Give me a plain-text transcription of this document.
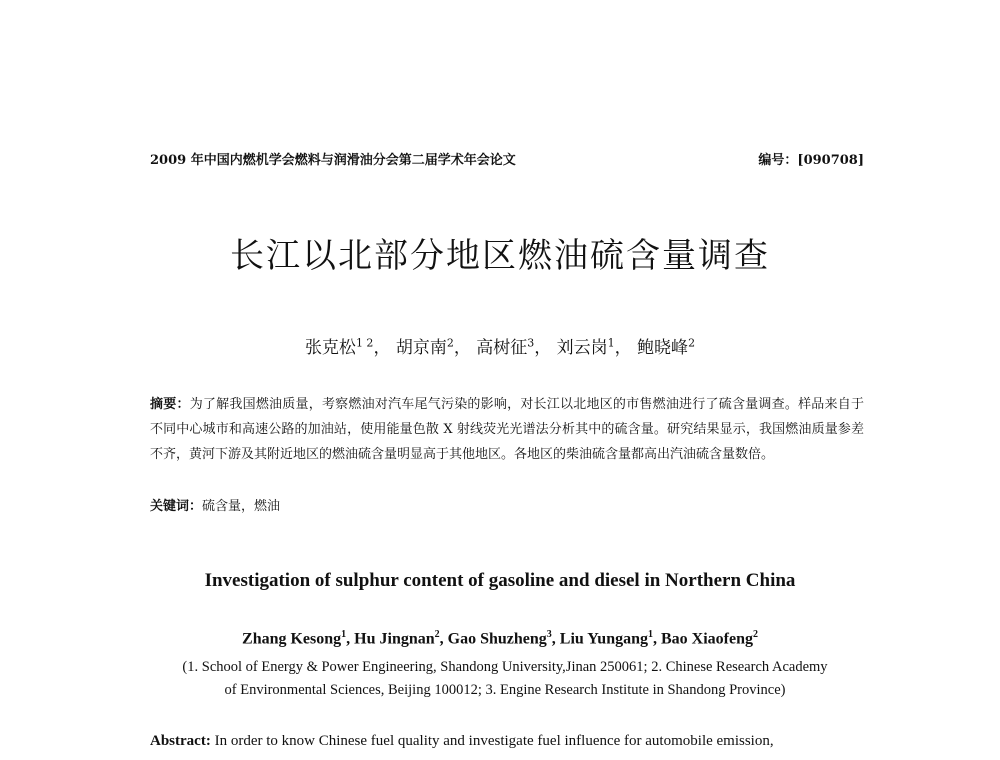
2009 年中国内燃机学会燃料与润滑油分会第二届学术年会论文	编号：[090708]
长江以北部分地区燃油硫含量调查
张克松$^{1 2}$， 胡京南$^2$， 高树征$^3$， 刘云岗$^1$， 鲍晓峰$^2$
摘要：为了解我国燃油质量，考察燃油对汽车尾气污染的影响，对长江以北地区的市售燃油进行了硫含量调查。样品来自于不同中心城市和高速公路的加油站，使用能量色散 X 射线荧光光谱法分析其中的硫含量。研究结果显示，我国燃油质量参差不齐，黄河下游及其附近地区的燃油硫含量明显高于其他地区。各地区的柴油硫含量都高出汽油硫含量数倍。
关键词：硫含量，燃油
Investigation of sulphur content of gasoline and diesel in Northern China
Zhang Kesong$^1$, Hu Jingnan$^2$, Gao Shuzheng$^3$, Liu Yungang$^1$, Bao Xiaofeng$^2$
(1. School of Energy & Power Engineering, Shandong University,Jinan 250061; 2. Chinese Research Academy
of Environmental Sciences, Beijing 100012; 3. Engine Research Institute in Shandong Province)
Abstract: In order to know Chinese fuel quality and investigate fuel influence for automobile emission,
